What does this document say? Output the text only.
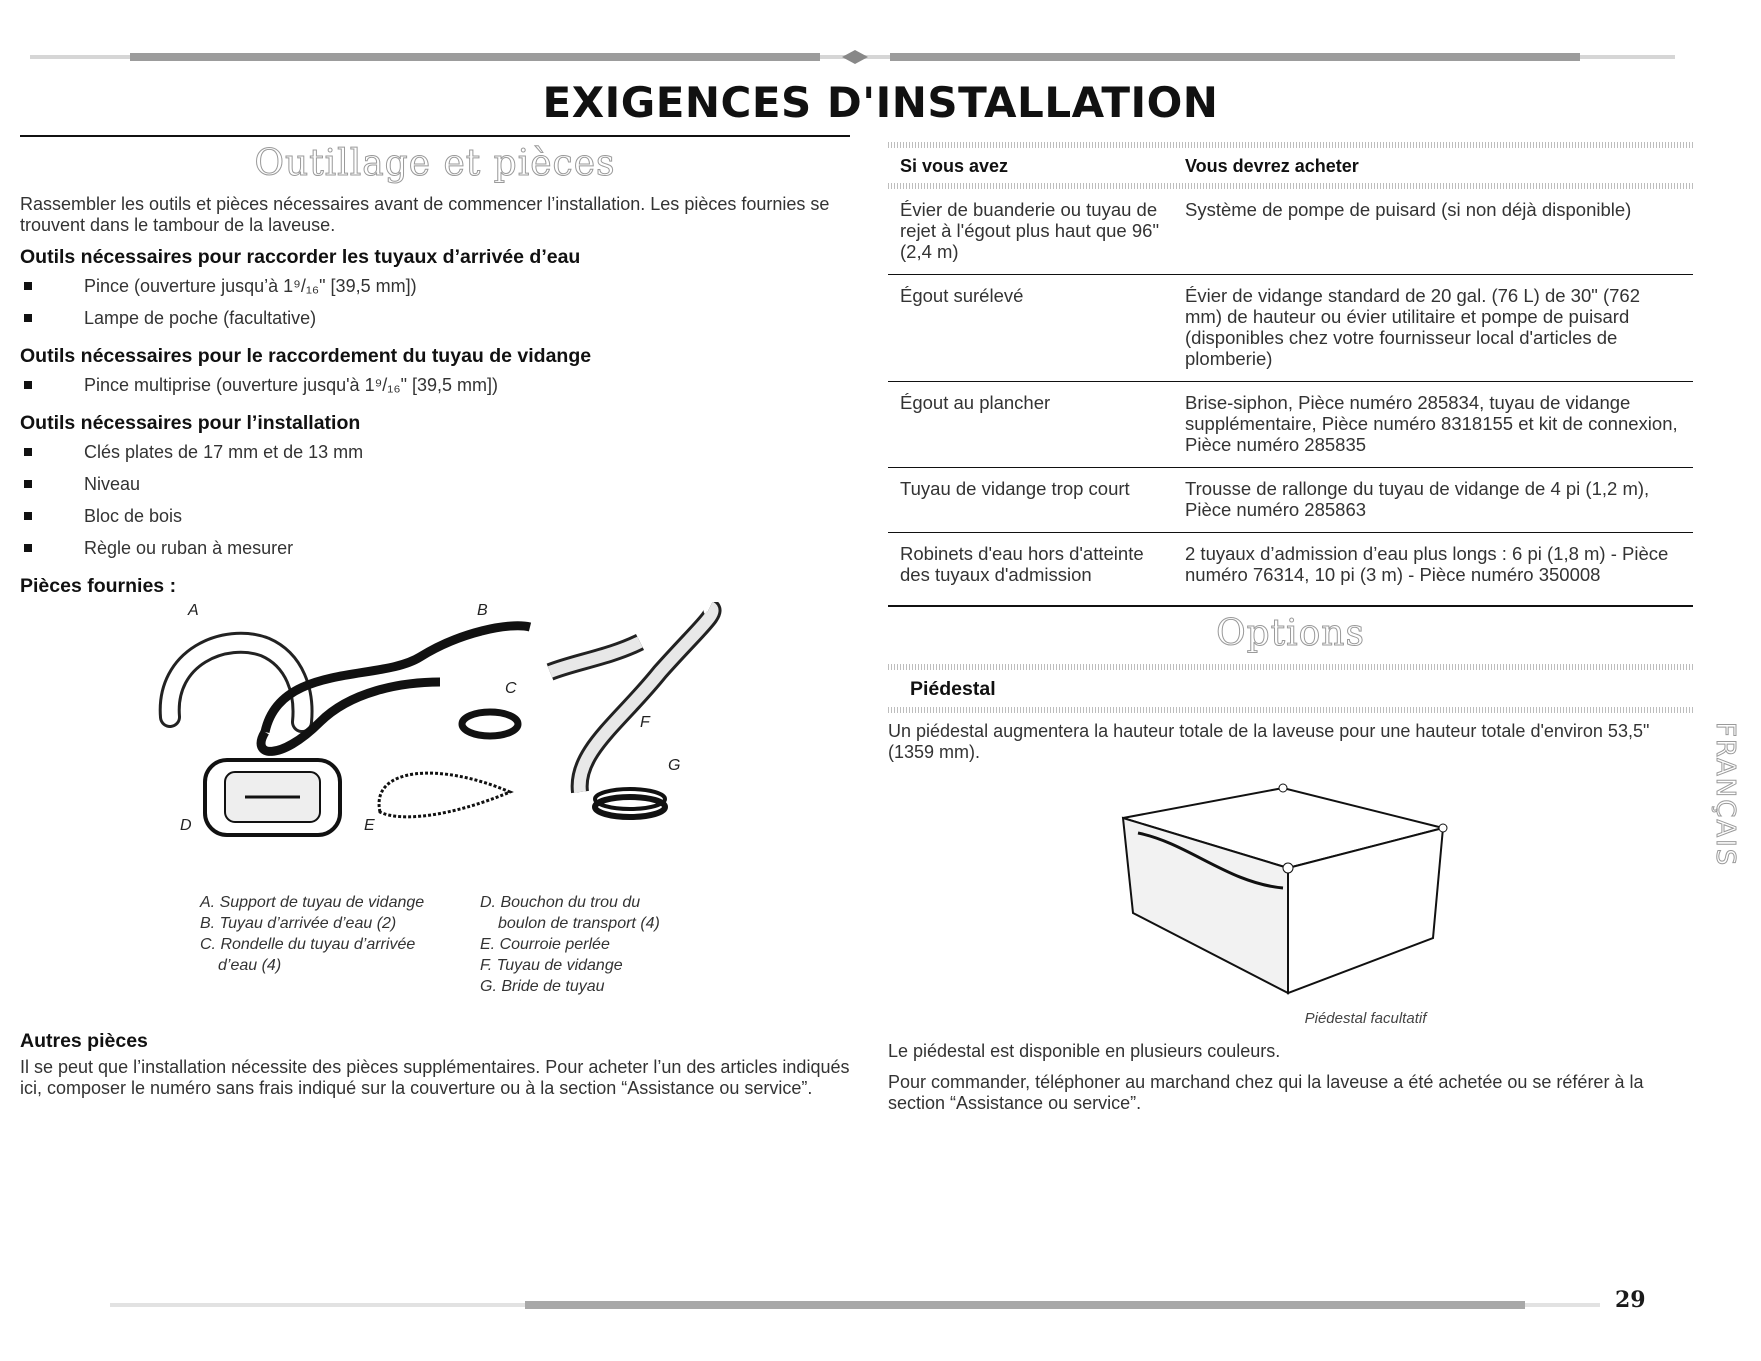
EXIGENCES D'INSTALLATION
Outillage et pièces

Rassembler les outils et pièces nécessaires avant de commencer l’installation. Les pièces fournies se trouvent dans le tambour de la laveuse.

Outils nécessaires pour raccorder les tuyaux d’arrivée d’eau
Pince (ouverture jusqu’à 1⁹/₁₆" [39,5 mm])
Lampe de poche (facultative)
Outils nécessaires pour le raccordement du tuyau de vidange
Pince multiprise (ouverture jusqu'à 1⁹/₁₆" [39,5 mm])
Outils nécessaires pour l’installation
Clés plates de 17 mm et de 13 mm
Niveau
Bloc de bois
Règle ou ruban à mesurer
Pièces fournies :
A	B
C
D	E
F
G
A. Support de tuyau de vidange
B. Tuyau d’arrivée d’eau (2)
C. Rondelle du tuyau d’arrivée
d’eau (4)
D. Bouchon du trou du
boulon de transport (4)
E. Courroie perlée
F. Tuyau de vidange
G. Bride de tuyau
Autres pièces

Il se peut que l’installation nécessite des pièces supplémentaires. Pour acheter l’un des articles indiqués ici, composer le numéro sans frais indiqué sur la couverture ou à la section “Assistance ou service”.

Si vous avez	Vous devrez acheter

Évier de buanderie ou tuyau de rejet à l'égout plus haut que 96" (2,4 m)	Système de pompe de puisard (si non déjà disponible)
Égout surélevé	Évier de vidange standard de 20 gal. (76 L) de 30" (762 mm) de hauteur ou évier utilitaire et pompe de puisard (disponibles chez votre fournisseur local d'articles de plomberie)
Égout au plancher	Brise-siphon, Pièce numéro 285834, tuyau de vidange supplémentaire, Pièce numéro 8318155 et kit de connexion, Pièce numéro 285835
Tuyau de vidange trop court	Trousse de rallonge du tuyau de vidange de 4 pi (1,2 m), Pièce numéro 285863
Robinets d'eau hors d'atteinte des tuyaux d'admission	2 tuyaux d’admission d’eau plus longs : 6 pi (1,8 m) - Pièce numéro 76314, 10 pi (3 m) - Pièce numéro 350008
Options
Piédestal

Un piédestal augmentera la hauteur totale de la laveuse pour une hauteur totale d'environ 53,5" (1359 mm).

Piédestal facultatif

Le piédestal est disponible en plusieurs couleurs.

Pour commander, téléphoner au marchand chez qui la laveuse a été achetée ou se référer à la section “Assistance ou service”.

FRANÇAIS
29
